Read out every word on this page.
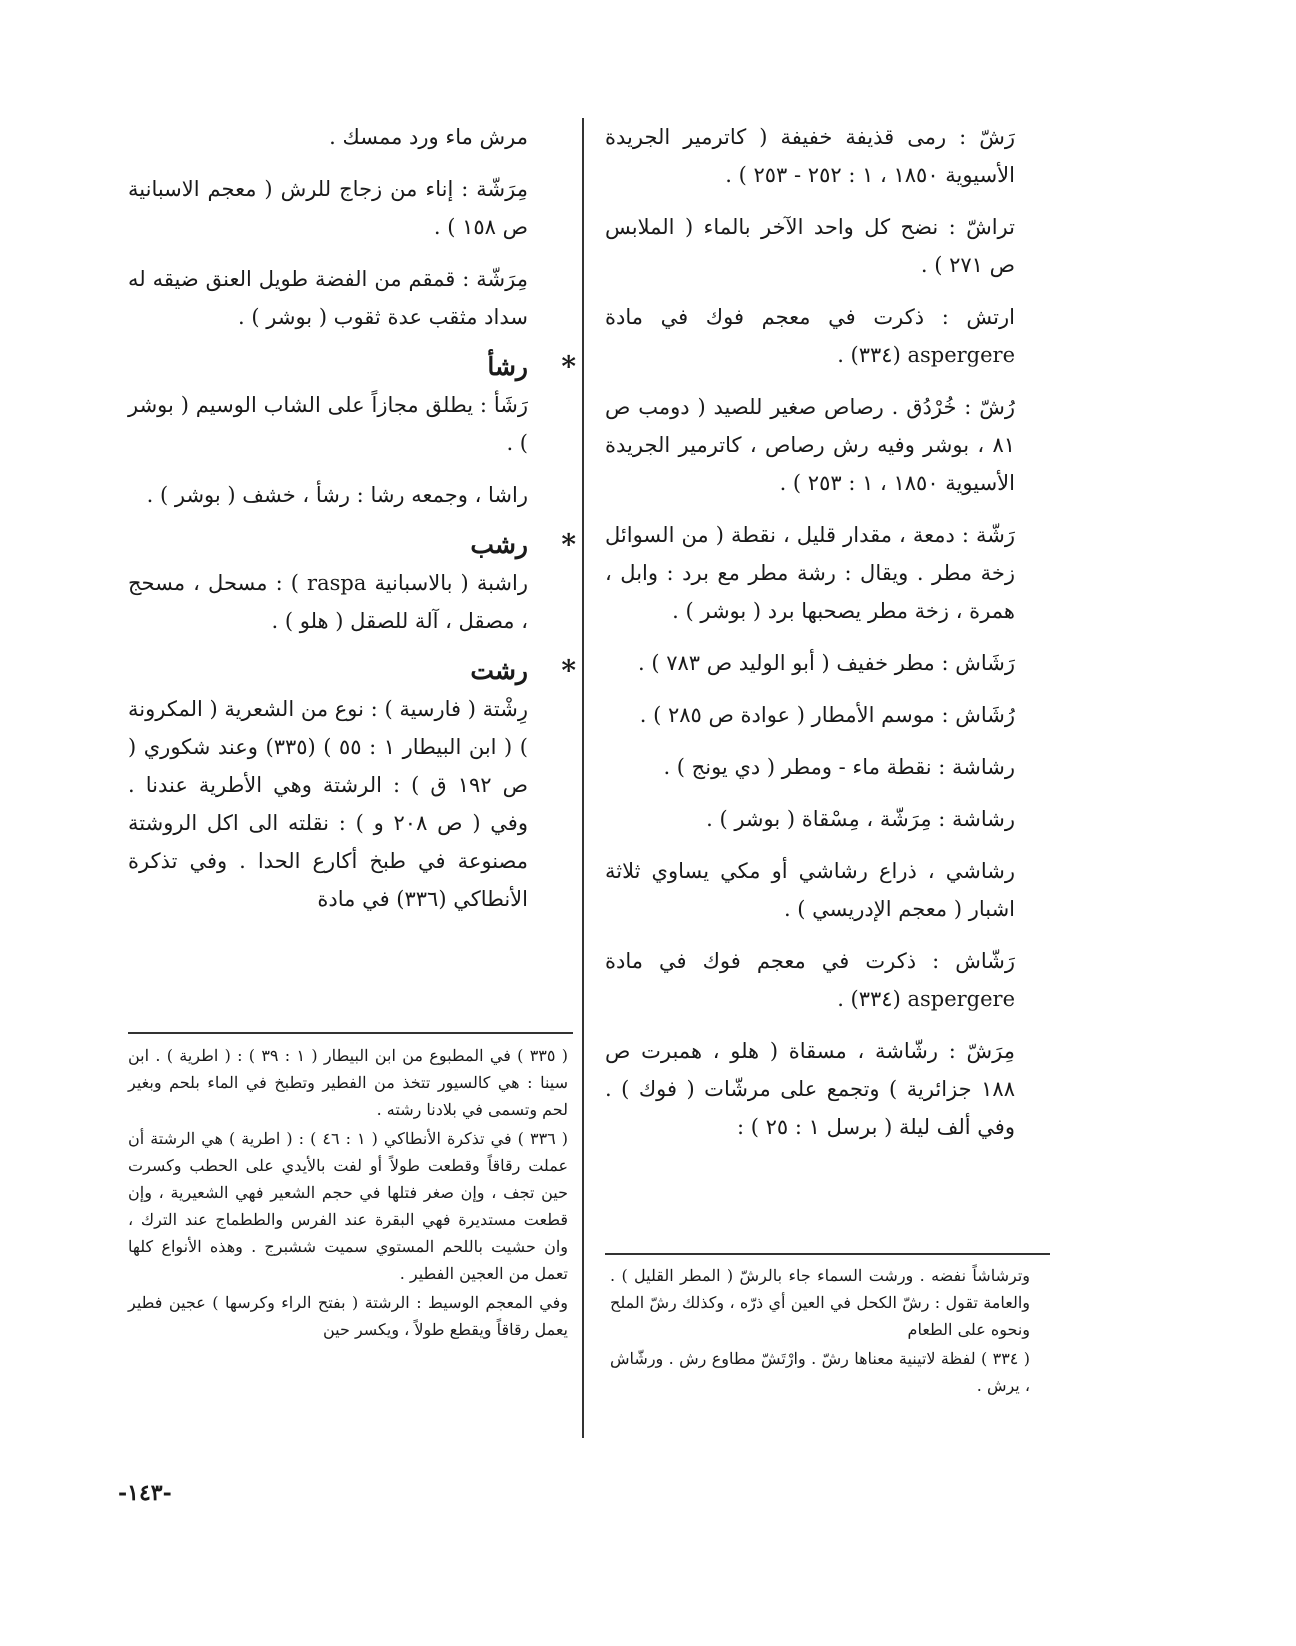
رَشّ : رمى قذيفة خفيفة ( كاترمير الجريدة الأسيوية ١٨٥٠ ، ١ : ٢٥٢ - ٢٥٣ ) .

تراشّ : نضح كل واحد الآخر بالماء ( الملابس ص ٢٧١ ) .

ارتش : ذكرت في معجم فوك في مادة aspergere (٣٣٤) .

رُشّ : خُرْدُق . رصاص صغير للصيد ( دومب ص ٨١ ، بوشر وفيه رش رصاص ، كاترمير الجريدة الأسيوية ١٨٥٠ ، ١ : ٢٥٣ ) .

رَشّة : دمعة ، مقدار قليل ، نقطة ( من السوائل زخة مطر . ويقال : رشة مطر مع برد : وابل ، همرة ، زخة مطر يصحبها برد ( بوشر ) .

رَشَاش : مطر خفيف ( أبو الوليد ص ٧٨٣ ) .

رُشَاش : موسم الأمطار ( عوادة ص ٢٨٥ ) .

رشاشة : نقطة ماء - ومطر ( دي يونج ) .

رشاشة : مِرَشّة ، مِسْقاة ( بوشر ) .

رشاشي ، ذراع رشاشي أو مكي يساوي ثلاثة اشبار ( معجم الإدريسي ) .

رَشّاش : ذكرت في معجم فوك في مادة aspergere (٣٣٤) .

مِرَشّ : رشّاشة ، مسقاة ( هلو ، همبرت ص ١٨٨ جزائرية ) وتجمع على مرشّات ( فوك ) . وفي ألف ليلة ( برسل ١ : ٢٥ ) :

مرش ماء ورد ممسك .

مِرَشّة : إناء من زجاج للرش ( معجم الاسبانية ص ١٥٨ ) .

مِرَشّة : قمقم من الفضة طويل العنق ضيقه له سداد مثقب عدة ثقوب ( بوشر ) .

*
رشأ

رَشَأ : يطلق مجازاً على الشاب الوسيم ( بوشر ) .

راشا ، وجمعه رشا : رشأ ، خشف ( بوشر ) .

*
رشب

راشبة ( بالاسبانية raspa ) : مسحل ، مسحج ، مصقل ، آلة للصقل ( هلو ) .

*
رشت

رِشْتة ( فارسية ) : نوع من الشعرية ( المكرونة ) ( ابن البيطار ١ : ٥٥ ) (٣٣٥) وعند شكوري ( ص ١٩٢ ق ) : الرشتة وهي الأطرية عندنا . وفي ( ص ٢٠٨ و ) : نقلته الى اكل الروشتة مصنوعة في طبخ أكارع الحدا . وفي تذكرة الأنطاكي (٣٣٦) في مادة

( ٣٣٥ ) في المطبوع من ابن البيطار ( ١ : ٣٩ ) : ( اطرية ) . ابن سينا : هي كالسيور تتخذ من الفطير وتطبخ في الماء بلحم وبغير لحم وتسمى في بلادنا رشته .

( ٣٣٦ ) في تذكرة الأنطاكي ( ١ : ٤٦ ) : ( اطرية ) هي الرشتة أن عملت رقاقاً وقطعت طولاً أو لفت بالأيدي على الحطب وكسرت حين تجف ، وإن صغر فتلها في حجم الشعير فهي الشعيرية ، وإن قطعت مستديرة فهي البقرة عند الفرس والططماج عند الترك ، وان حشيت باللحم المستوي سميت ششبرج . وهذه الأنواع كلها تعمل من العجين الفطير .

وفي المعجم الوسيط : الرشتة ( بفتح الراء وكرسها ) عجين فطير يعمل رقاقاً ويقطع طولاً ، ويكسر حين

وترشاشاً نفضه . ورشت السماء جاء بالرشّ ( المطر القليل ) . والعامة تقول : رشّ الكحل في العين أي ذرّه ، وكذلك رشّ الملح ونحوه على الطعام

( ٣٣٤ ) لفظة لاتينية معناها رشّ . وارْتَشّ مطاوع رش . ورشّاش ، يرش .

-١٤٣-
